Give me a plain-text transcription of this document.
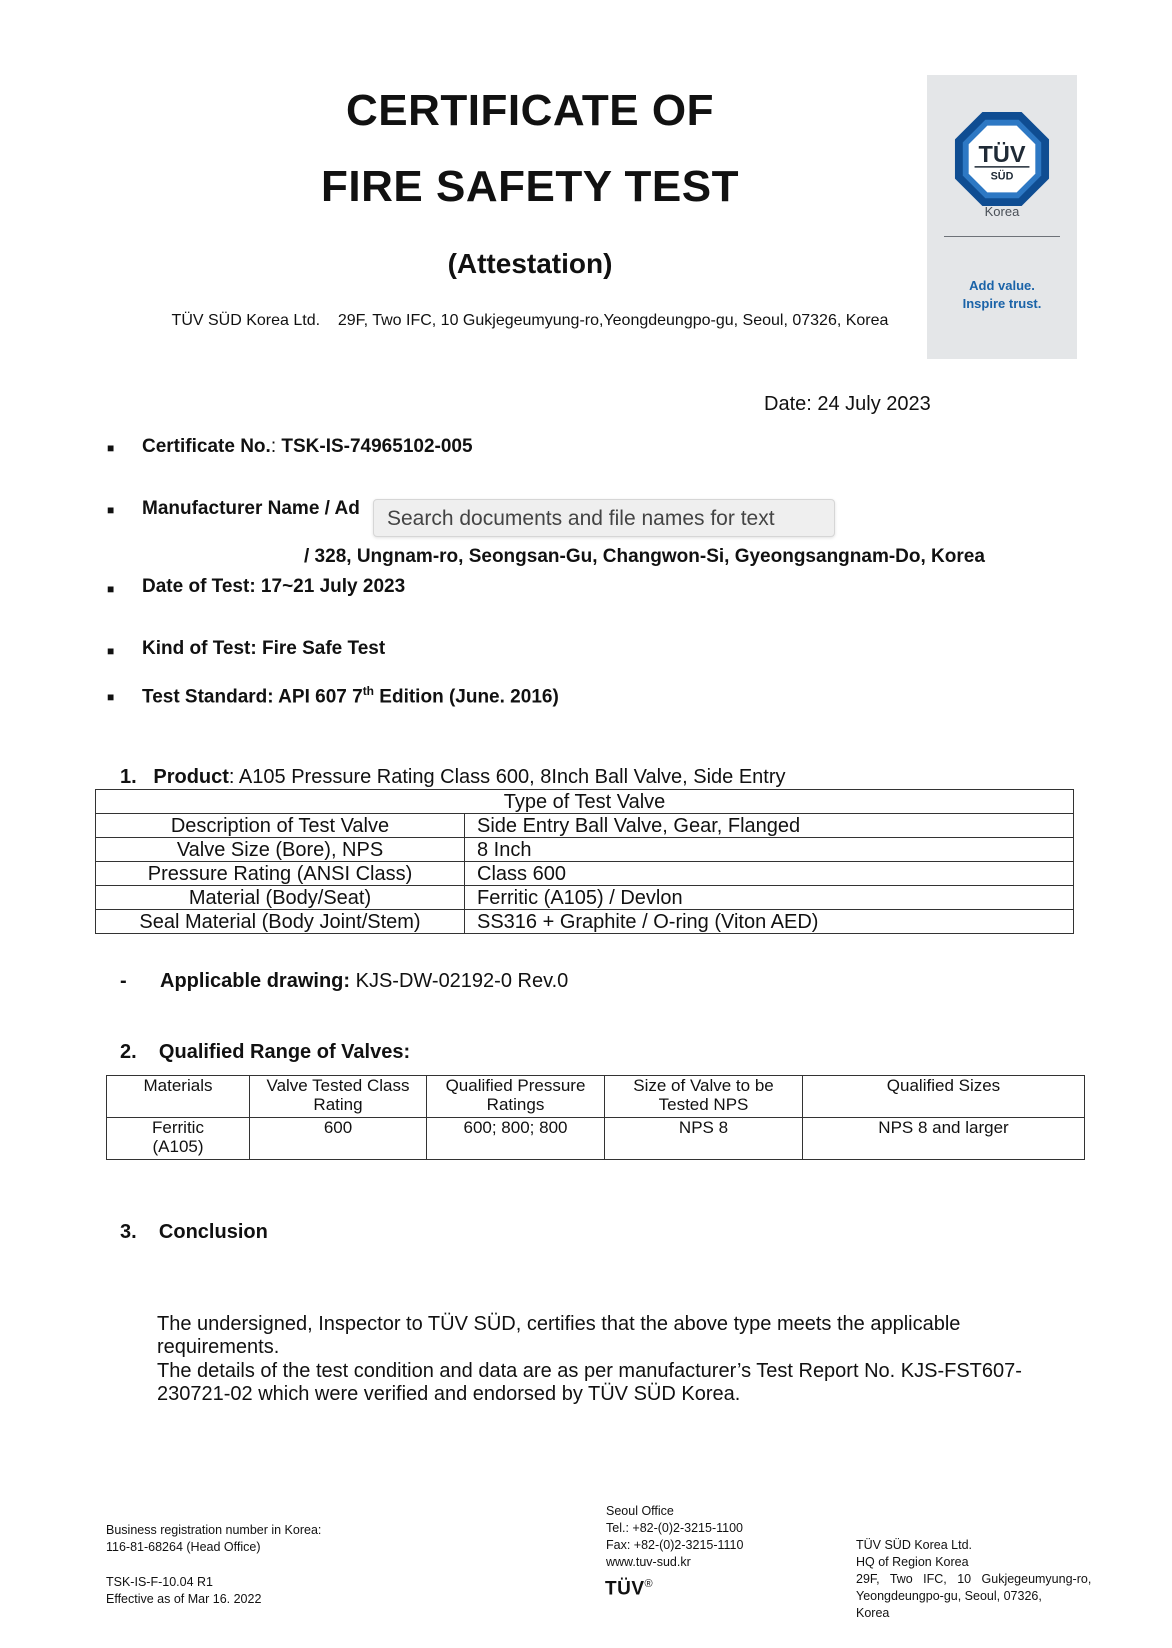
CERTIFICATE OF
FIRE SAFETY TEST
(Attestation)
TÜV SÜD Korea Ltd. 29F, Two IFC, 10 Gukjegeumyung-ro,Yeongdeungpo-gu, Seoul, 07326, Korea
TÜV
SÜD
Korea
Add value.
Inspire trust.
Date: 24 July 2023
■ Certificate No.: TSK-IS-74965102-005
■ Manufacturer Name / Ad	Search documents and file names for text
/ 328, Ungnam-ro, Seongsan-Gu, Changwon-Si, Gyeongsangnam-Do, Korea
■ Date of Test: 17~21 July 2023
■ Kind of Test: Fire Safe Test
■ Test Standard: API 607 7th Edition (June. 2016)
1. Product: A105 Pressure Rating Class 600, 8Inch Ball Valve, Side Entry
Type of Test Valve	
Description of Test Valve	Side Entry Ball Valve, Gear, Flanged
Valve Size (Bore), NPS	8 Inch
Pressure Rating (ANSI Class)	Class 600
Material (Body/Seat)	Ferritic (A105) / Devlon
Seal Material (Body Joint/Stem)	SS316 + Graphite / O-ring (Viton AED)
- Applicable drawing: KJS-DW-02192-0 Rev.0
2. Qualified Range of Valves:
Materials	Valve Tested Class Rating	Qualified Pressure Ratings	Size of Valve to be Tested NPS	Qualified Sizes
Ferritic (A105)	600	600; 800; 800	NPS 8	NPS 8 and larger
3. Conclusion
The undersigned, Inspector to TÜV SÜD, certifies that the above type meets the applicable requirements.
The details of the test condition and data are as per manufacturer’s Test Report No. KJS-FST607-230721-02 which were verified and endorsed by TÜV SÜD Korea.
Business registration number in Korea:
116-81-68264 (Head Office)
TSK-IS-F-10.04 R1
Effective as of Mar 16. 2022
Seoul Office
Tel.: +82-(0)2-3215-1100
Fax: +82-(0)2-3215-1110
www.tuv-sud.kr
TÜV®
TÜV SÜD Korea Ltd.
HQ of Region Korea
29F,   Two   IFC,   10   Gukjegeumyung-ro,
Yeongdeungpo-gu, Seoul, 07326,
Korea
